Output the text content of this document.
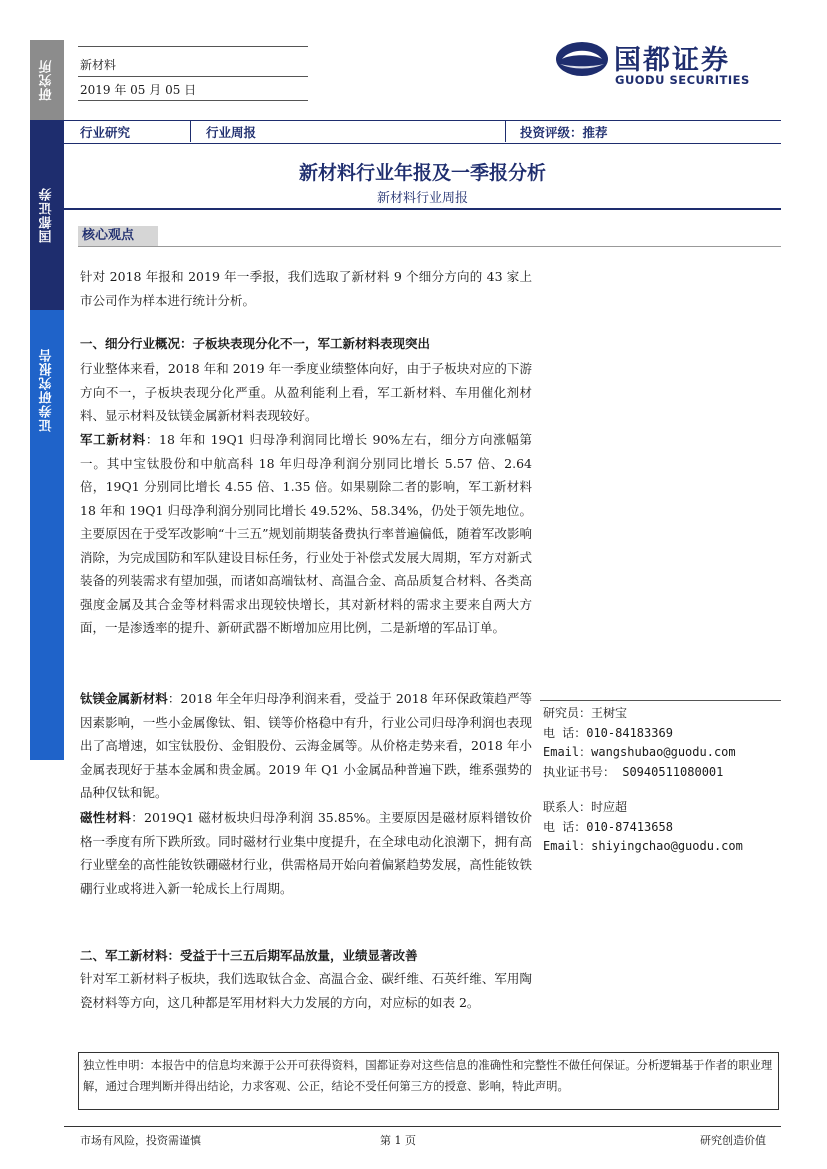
研究所
国都证券
证券研究报告
新材料
2019 年 05 月 05 日
国都证券
GUODU SECURITIES
行业研究	行业周报	投资评级：推荐
新材料行业年报及一季报分析
新材料行业周报
核心观点
针对 2018 年报和 2019 年一季报，我们选取了新材料 9 个细分方向的 43 家上市公司作为样本进行统计分析。
一、细分行业概况：子板块表现分化不一，军工新材料表现突出
行业整体来看，2018 年和 2019 年一季度业绩整体向好，由于子板块对应的下游方向不一，子板块表现分化严重。从盈利能利上看，军工新材料、车用催化剂材料、显示材料及钛镁金属新材料表现较好。
军工新材料：18 年和 19Q1 归母净利润同比增长 90%左右，细分方向涨幅第一。其中宝钛股份和中航高科 18 年归母净利润分别同比增长 5.57 倍、2.64 倍，19Q1 分别同比增长 4.55 倍、1.35 倍。如果剔除二者的影响，军工新材料 18 年和 19Q1 归母净利润分别同比增长 49.52%、58.34%，仍处于领先地位。主要原因在于受军改影响“十三五”规划前期装备费执行率普遍偏低，随着军改影响消除，为完成国防和军队建设目标任务，行业处于补偿式发展大周期，军方对新式装备的列装需求有望加强，而诸如高端钛材、高温合金、高品质复合材料、各类高强度金属及其合金等材料需求出现较快增长，其对新材料的需求主要来自两大方面，一是渗透率的提升、新研武器不断增加应用比例，二是新增的军品订单。
钛镁金属新材料：2018 年全年归母净利润来看，受益于 2018 年环保政策趋严等因素影响，一些小金属像钛、钼、镁等价格稳中有升，行业公司归母净利润也表现出了高增速，如宝钛股份、金钼股份、云海金属等。从价格走势来看，2018 年小金属表现好于基本金属和贵金属。2019 年 Q1 小金属品种普遍下跌，维系强势的品种仅钛和铌。
磁性材料：2019Q1 磁材板块归母净利润 35.85%。主要原因是磁材原料镨钕价格一季度有所下跌所致。同时磁材行业集中度提升，在全球电动化浪潮下，拥有高行业壁垒的高性能钕铁硼磁材行业，供需格局开始向着偏紧趋势发展，高性能钕铁硼行业或将进入新一轮成长上行周期。
二、军工新材料：受益于十三五后期军品放量，业绩显著改善
针对军工新材料子板块，我们选取钛合金、高温合金、碳纤维、石英纤维、军用陶瓷材料等方向，这几种都是军用材料大力发展的方向，对应标的如表 2。
研究员：王树宝
电 话：010-84183369
Email：wangshubao@guodu.com
执业证书号： S0940511080001
联系人：时应超
电 话：010-87413658
Email：shiyingchao@guodu.com
独立性申明：本报告中的信息均来源于公开可获得资料，国都证券对这些信息的准确性和完整性不做任何保证。分析逻辑基于作者的职业理解，通过合理判断并得出结论，力求客观、公正，结论不受任何第三方的授意、影响，特此声明。
市场有风险，投资需谨慎	第 1 页	研究创造价值
